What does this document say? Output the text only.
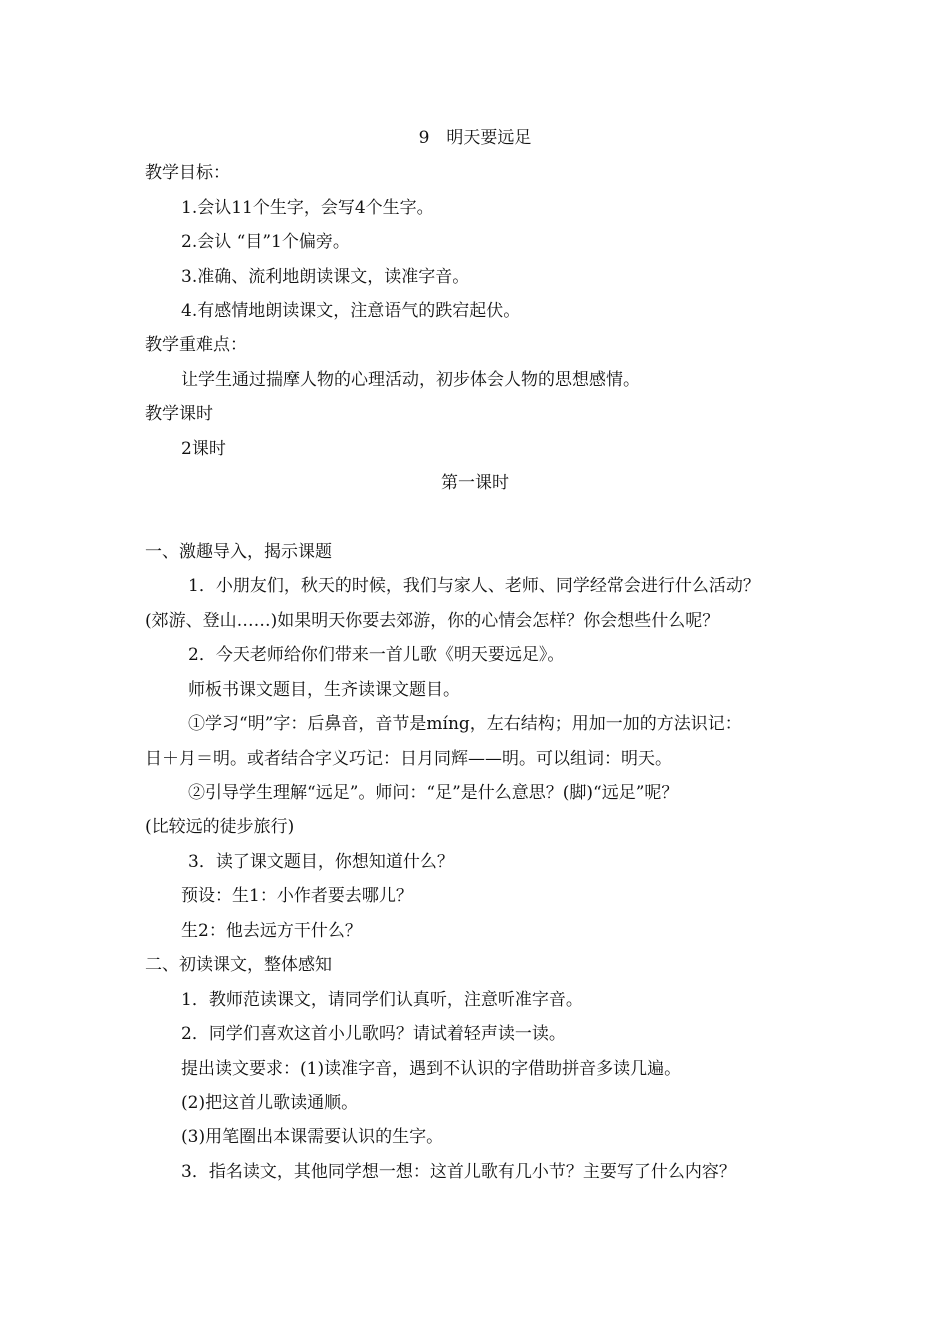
9　明天要远足
教学目标：
1.会认11个生字，会写4个生字。
2.会认 “目”1个偏旁。
3.准确、流利地朗读课文，读准字音。
4.有感情地朗读课文，注意语气的跌宕起伏。
教学重难点：
让学生通过揣摩人物的心理活动，初步体会人物的思想感情。
教学课时
2课时
第一课时
一、激趣导入，揭示课题
1．小朋友们，秋天的时候，我们与家人、老师、同学经常会进行什么活动？
(郊游、登山……)如果明天你要去郊游，你的心情会怎样？你会想些什么呢？
2．今天老师给你们带来一首儿歌《明天要远足》。
师板书课文题目，生齐读课文题目。
①学习“明”字：后鼻音，音节是míng，左右结构；用加一加的方法识记：
日＋月＝明。或者结合字义巧记：日月同辉——明。可以组词：明天。
②引导学生理解“远足”。师问：“足”是什么意思？(脚)“远足”呢？
(比较远的徒步旅行)
3．读了课文题目，你想知道什么？
预设：生1：小作者要去哪儿？
生2：他去远方干什么？
二、初读课文，整体感知
1．教师范读课文，请同学们认真听，注意听准字音。
2．同学们喜欢这首小儿歌吗？请试着轻声读一读。
提出读文要求：(1)读准字音，遇到不认识的字借助拼音多读几遍。
(2)把这首儿歌读通顺。
(3)用笔圈出本课需要认识的生字。
3．指名读文，其他同学想一想：这首儿歌有几小节？主要写了什么内容？
